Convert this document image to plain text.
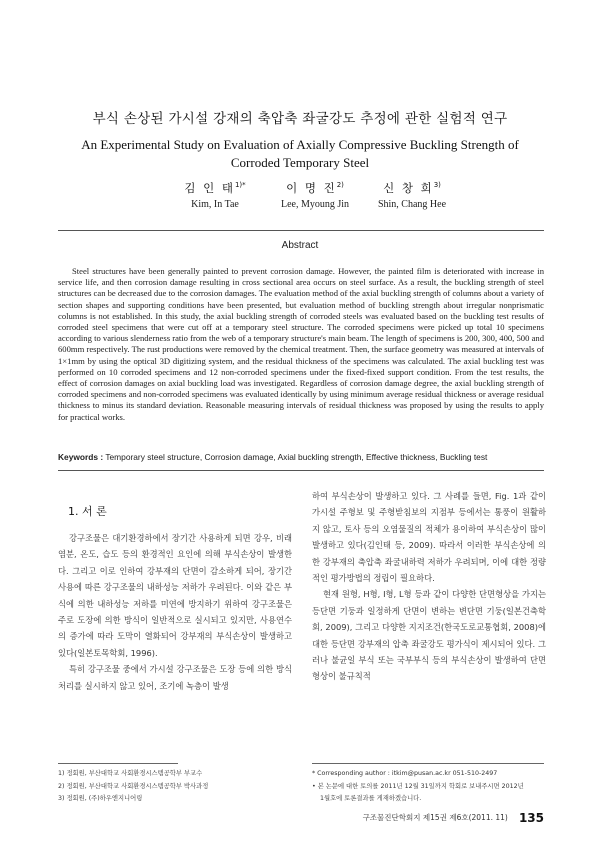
부식 손상된 가시설 강재의 축압축 좌굴강도 추정에 관한 실험적 연구
An Experimental Study on Evaluation of Axially Compressive Buckling Strength of
Corroded Temporary Steel
김 인 태$^{1)*}$
Kim, In Tae
이 명 진$^{2)}$
Lee, Myoung Jin
신 창 희$^{3)}$
Shin, Chang Hee
Abstract
Steel structures have been generally painted to prevent corrosion damage. However, the painted film is deteriorated with increase in service life, and then corrosion damage resulting in cross sectional area occurs on steel surface. As a result, the buckling strength of steel structures can be decreased due to the corrosion damages. The evaluation method of the axial buckling strength of columns about a variety of section shapes and supporting conditions have been presented, but evaluation method of buckling strength about irregular nonprismatic columns is not established. In this study, the axial buckling strength of corroded steels was evaluated based on the buckling test results of corroded steel specimens that were cut off at a temporary steel structure. The corroded specimens were picked up total 10 specimens according to various slenderness ratio from the web of a temporary structure's main beam. The length of specimens is 200, 300, 400, 500 and 600mm respectively. The rust productions were removed by the chemical treatment. Then, the surface geometry was measured at intervals of 1×1mm by using the optical 3D digitizing system, and the residual thickness of the specimens was calculated. The axial buckling test was performed on 10 corroded specimens and 12 non-corroded specimens under the fixed-fixed support condition. From the test results, the effect of corrosion damages on axial buckling load was investigated. Regardless of corrosion damage degree, the axial buckling strength of corroded specimens and non-corroded specimens was evaluated identically by using minimum average residual thickness or average residual thickness to minus its standard deviation. Reasonable measuring intervals of residual thickness was proposed by using the results to apply for practical works.
Keywords : Temporary steel structure, Corrosion damage, Axial buckling strength, Effective thickness, Buckling test
1. 서 론

강구조물은 대기환경하에서 장기간 사용하게 되면 강우, 비래염분, 온도, 습도 등의 환경적인 요인에 의해 부식손상이 발생한다. 그리고 이로 인하여 강부재의 단면이 감소하게 되어, 장기간 사용에 따른 강구조물의 내하성능 저하가 우려된다. 이와 같은 부식에 의한 내하성능 저하를 미연에 방지하기 위하여 강구조물은 주로 도장에 의한 방식이 일반적으로 실시되고 있지만, 사용연수의 증가에 따라 도막이 열화되어 강부재의 부식손상이 발생하고 있다(일본토목학회, 1996).

특히 강구조물 중에서 가시설 강구조물은 도장 등에 의한 방식처리를 실시하지 않고 있어, 조기에 녹층이 발생

하여 부식손상이 발생하고 있다. 그 사례를 들면, Fig. 1과 같이 가시설 주형보 및 주형받침보의 지점부 등에서는 통풍이 원활하지 않고, 토사 등의 오염물질의 적체가 용이하여 부식손상이 많이 발생하고 있다(김인태 등, 2009). 따라서 이러한 부식손상에 의한 강부재의 축압축 좌굴내하력 저하가 우려되며, 이에 대한 정량적인 평가방법의 정립이 필요하다.

현재 원형, H형, I형, L형 등과 같이 다양한 단면형상을 가지는 등단면 기둥과 일정하게 단면이 변하는 변단면 기둥(일본건축학회, 2009), 그리고 다양한 지지조건(한국도로교통협회, 2008)에 대한 등단면 강부재의 압축 좌굴강도 평가식이 제시되어 있다. 그러나 불균일 부식 또는 국부부식 등의 부식손상이 발생하여 단면형상이 불규칙적

1) 정회원, 부산대학교 사회환경시스템공학부 부교수
2) 정회원, 부산대학교 사회환경시스템공학부 박사과정
3) 정회원, (주)하우엔지니어링
* Corresponding author : itkim@pusan.ac.kr 051-510-2497
• 본 논문에 대한 토의를 2011년 12월 31일까지 학회로 보내주시면 2012년
1월호에 토론결과를 게재하겠습니다.
구조물진단학회지 제15권 제6호(2011. 11) 135
